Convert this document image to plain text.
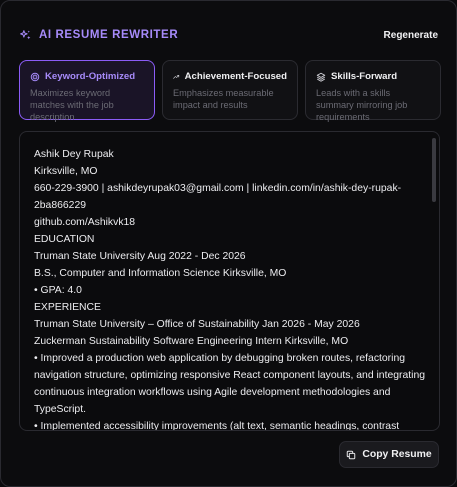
AI RESUME REWRITER	Regenerate
Keyword-Optimized
Maximizes keyword matches with the job description
Achievement-Focused
Emphasizes measurable impact and results
Skills-Forward
Leads with a skills summary mirroring job requirements
Ashik Dey Rupak
Kirksville, MO
660-229-3900 | ashikdeyrupak03@gmail.com | linkedin.com/in/ashik-dey-rupak-2ba866229
github.com/Ashikvk18
EDUCATION
Truman State University Aug 2022 - Dec 2026
B.S., Computer and Information Science Kirksville, MO
• GPA: 4.0
EXPERIENCE
Truman State University – Office of Sustainability Jan 2026 - May 2026
Zuckerman Sustainability Software Engineering Intern Kirksville, MO
• Improved a production web application by debugging broken routes, refactoring navigation structure, optimizing responsive React component layouts, and integrating continuous integration workflows using Agile development methodologies and TypeScript.
• Implemented accessibility improvements (alt text, semantic headings, contrast
Copy Resume
